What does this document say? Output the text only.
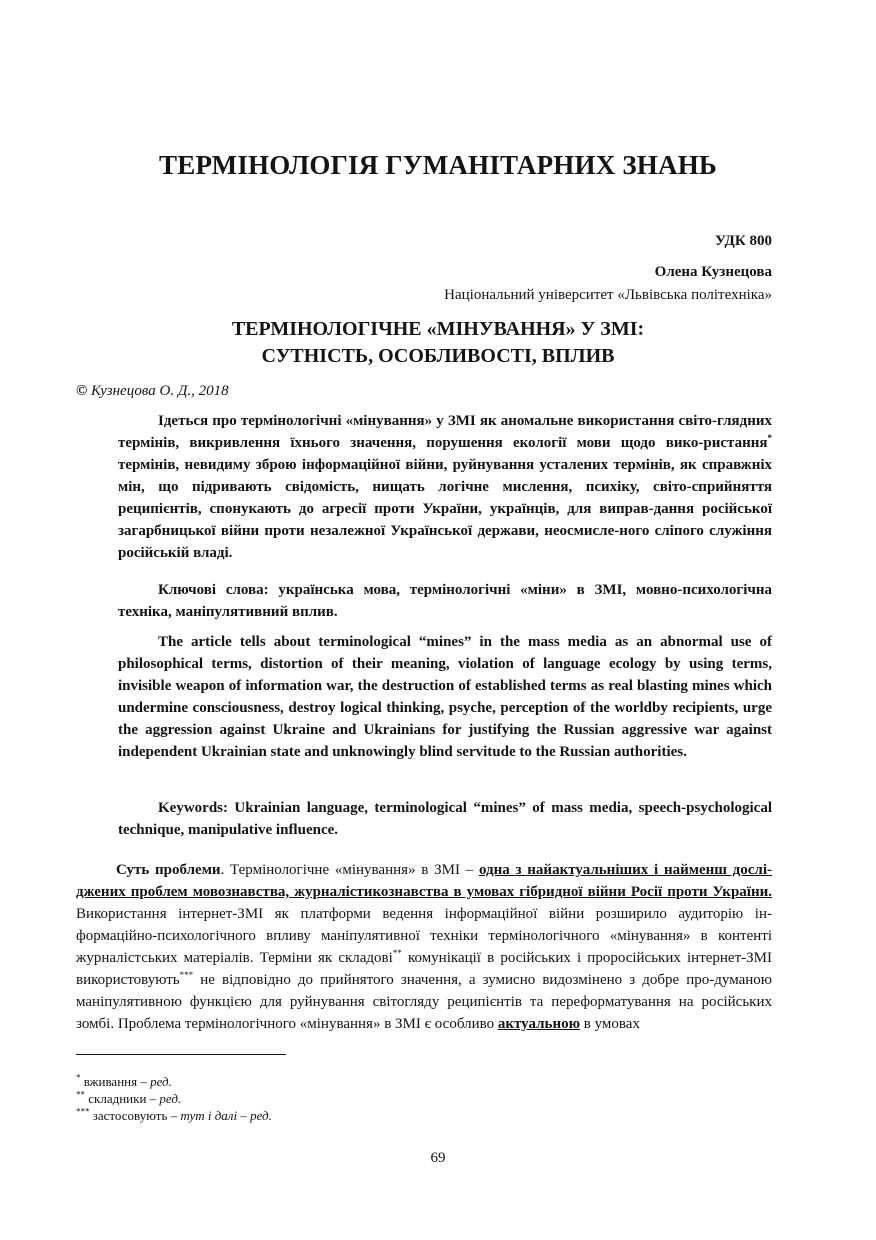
ТЕРМІНОЛОГІЯ ГУМАНІТАРНИХ ЗНАНЬ
УДК 800
Олена Кузнецова
Національний університет «Львівська політехніка»
ТЕРМІНОЛОГІЧНЕ «МІНУВАННЯ» У ЗМІ:
СУТНІСТЬ, ОСОБЛИВОСТІ, ВПЛИВ
© Кузнецова О. Д., 2018
Ідеться про термінологічні «мінування» у ЗМІ як аномальне використання світо-глядних термінів, викривлення їхнього значення, порушення екології мови щодо вико-ристання* термінів, невидиму зброю інформаційної війни, руйнування усталених термінів, як справжніх мін, що підривають свідомість, нищать логічне мислення, психіку, світо-сприйняття реципієнтів, спонукають до агресії проти України, українців, для виправ-дання російської загарбницької війни проти незалежної Української держави, неосмисле-ного сліпого служіння російській владі.
Ключові слова: українська мова, термінологічні «міни» в ЗМІ, мовно-психологічна техніка, маніпулятивний вплив.
The article tells about terminological “mines” in the mass media as an abnormal use of philosophical terms, distortion of their meaning, violation of language ecology by using terms, invisible weapon of information war, the destruction of established terms as real blasting mines which undermine consciousness, destroy logical thinking, psyche, perception of the worldby recipients, urge the aggression against Ukraine and Ukrainians for justifying the Russian aggressive war against independent Ukrainian state and unknowingly blind servitude to the Russian authorities.
Keywords: Ukrainian language, terminological “mines” of mass media, speech-psychological technique, manipulative influence.
Суть проблеми. Термінологічне «мінування» в ЗМІ – одна з найактуальніших і найменш дослі-джених проблем мовознавства, журналістикознавства в умовах гібридної війни Росії проти України. Використання інтернет-ЗМІ як платформи ведення інформаційної війни розширило аудиторію ін-формаційно-психологічного впливу маніпулятивної техніки термінологічного «мінування» в контенті журналістських матеріалів. Терміни як складові** комунікації в російських і проросійських інтернет-ЗМІ використовують*** не відповідно до прийнятого значення, а зумисно видозмінено з добре про-думаною маніпулятивною функцією для руйнування світогляду реципієнтів та переформатування на російських зомбі. Проблема термінологічного «мінування» в ЗМІ є особливо актуальною в умовах
* вживання – ред.
** складники – ред.
*** застосовують – тут і далі – ред.
69
